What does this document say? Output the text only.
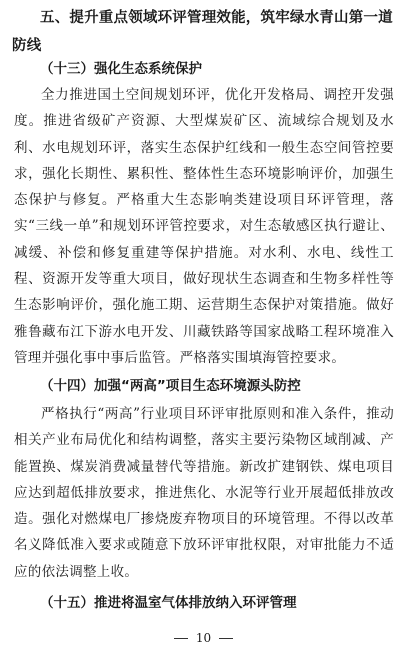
五、提升重点领域环评管理效能，筑牢绿水青山第一道防线
（十三）强化生态系统保护

全力推进国土空间规划环评，优化开发格局、调控开发强度。推进省级矿产资源、大型煤炭矿区、流域综合规划及水利、水电规划环评，落实生态保护红线和一般生态空间管控要求，强化长期性、累积性、整体性生态环境影响评价，加强生态保护与修复。严格重大生态影响类建设项目环评管理，落实“三线一单”和规划环评管控要求，对生态敏感区执行避让、减缓、补偿和修复重建等保护措施。对水利、水电、线性工程、资源开发等重大项目，做好现状生态调查和生物多样性等生态影响评价，强化施工期、运营期生态保护对策措施。做好雅鲁藏布江下游水电开发、川藏铁路等国家战略工程环境准入管理并强化事中事后监管。严格落实围填海管控要求。

（十四）加强“两高”项目生态环境源头防控

严格执行“两高”行业项目环评审批原则和准入条件，推动相关产业布局优化和结构调整，落实主要污染物区域削减、产能置换、煤炭消费减量替代等措施。新改扩建钢铁、煤电项目应达到超低排放要求，推进焦化、水泥等行业开展超低排放改造。强化对燃煤电厂掺烧废弃物项目的环境管理。不得以改革名义降低准入要求或随意下放环评审批权限，对审批能力不适应的依法调整上收。

（十五）推进将温室气体排放纳入环评管理
10
